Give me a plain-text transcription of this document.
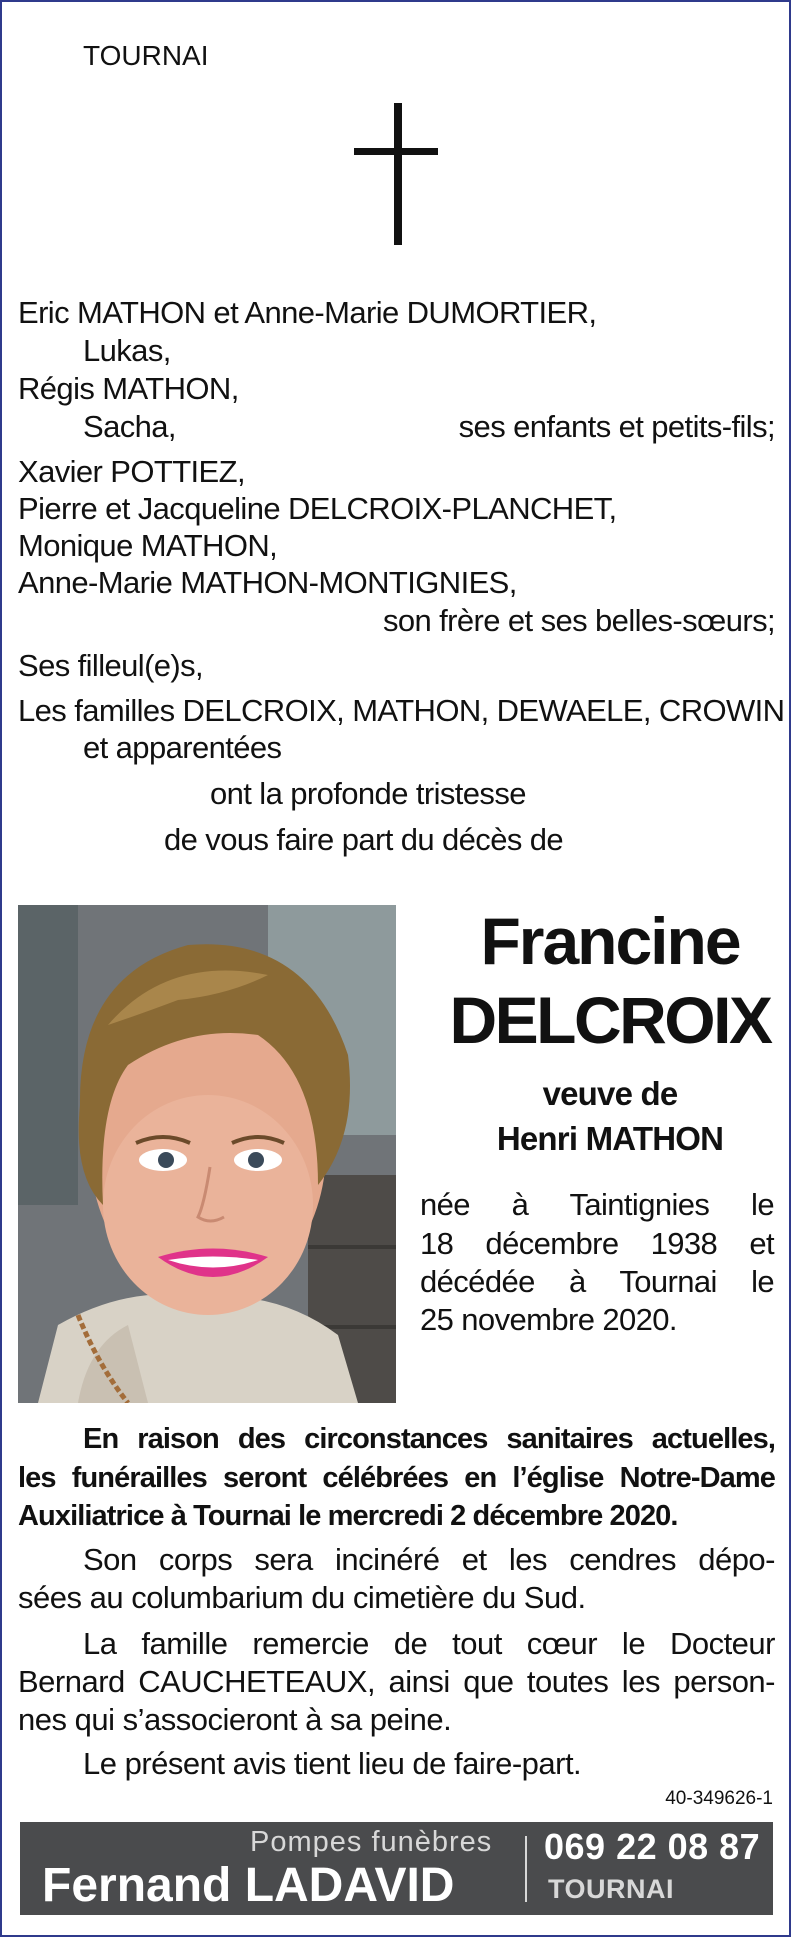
TOURNAI
Eric MATHON et Anne-Marie DUMORTIER,
Lukas,
Régis MATHON,
Sacha,	ses enfants et petits-fils;
Xavier POTTIEZ,
Pierre et Jacqueline DELCROIX-PLANCHET,
Monique MATHON,
Anne-Marie MATHON-MONTIGNIES,
son frère et ses belles-sœurs;
Ses filleul(e)s,
Les familles DELCROIX, MATHON, DEWAELE, CROWIN
et apparentées
ont la profonde tristesse
de vous faire part du décès de
Francine
DELCROIX
veuve de
Henri MATHON
née à Taintignies le
18 décembre 1938 et
décédée à Tournai le
25 novembre 2020.
En raison des circonstances sanitaires actuelles,
les funérailles seront célébrées en l’église Notre-Dame
Auxiliatrice à Tournai le mercredi 2 décembre 2020.
Son corps sera incinéré et les cendres dépo-
sées au columbarium du cimetière du Sud.
La famille remercie de tout cœur le Docteur
Bernard CAUCHETEAUX, ainsi que toutes les person-
nes qui s’associeront à sa peine.
Le présent avis tient lieu de faire-part.
40-349626-1
Pompes funèbres
Fernand LADAVID
069 22 08 87
TOURNAI
